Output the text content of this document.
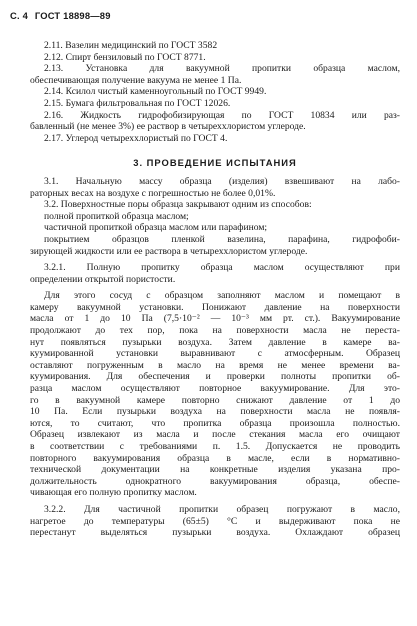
С. 4 ГОСТ 18898—89
2.11. Вазелин медицинский по ГОСТ 3582
2.12. Спирт бензиловый по ГОСТ 8771.
2.13. Установка для вакуумной пропитки образца маслом,
обеспечивающая получение вакуума не менее 1 Па.
2.14. Ксилол чистый каменноугольный по ГОСТ 9949.
2.15. Бумага фильтровальная по ГОСТ 12026.
2.16. Жидкость гидрофобизирующая по ГОСТ 10834 или раз-
бавленный (не менее 3%) ее раствор в четыреххлористом углероде.
2.17. Углерод четыреххлористый по ГОСТ 4.
3. ПРОВЕДЕНИЕ ИСПЫТАНИЯ
3.1. Начальную массу образца (изделия) взвешивают на лабо-
раторных весах на воздухе с погрешностью не более 0,01%.
3.2. Поверхностные поры образца закрывают одним из способов:
полной пропиткой образца маслом;
частичной пропиткой образца маслом или парафином;
покрытием образцов пленкой вазелина, парафина, гидрофоби-
зирующей жидкости или ее раствора в четыреххлористом углероде.
3.2.1. Полную пропитку образца маслом осуществляют при
определении открытой пористости.
Для этого сосуд с образцом заполняют маслом и помещают в
камеру вакуумной установки. Понижают давление на поверхности
масла от 1 до 10 Па (7,5·10⁻² — 10⁻³ мм рт. ст.). Вакуумирование
продолжают до тех пор, пока на поверхности масла не переста-
нут появляться пузырьки воздуха. Затем давление в камере ва-
куумированной установки выравнивают с атмосферным. Образец
оставляют погруженным в масло на время не менее времени ва-
куумирования. Для обеспечения и проверки полноты пропитки об-
разца маслом осуществляют повторное вакуумирование. Для это-
го в вакуумной камере повторно снижают давление от 1 до
10 Па. Если пузырьки воздуха на поверхности масла не появля-
ются, то считают, что пропитка образца произошла полностью.
Образец извлекают из масла и после стекания масла его очищают
в соответствии с требованиями п. 1.5. Допускается не проводить
повторного вакуумирования образца в масле, если в нормативно-
технической документации на конкретные изделия указана про-
должительность однократного вакуумирования образца, обеспе-
чивающая его полную пропитку маслом.
3.2.2. Для частичной пропитки образец погружают в масло,
нагретое до температуры (65±5) °С и выдерживают пока не
перестанут выделяться пузырьки воздуха. Охлаждают образец
